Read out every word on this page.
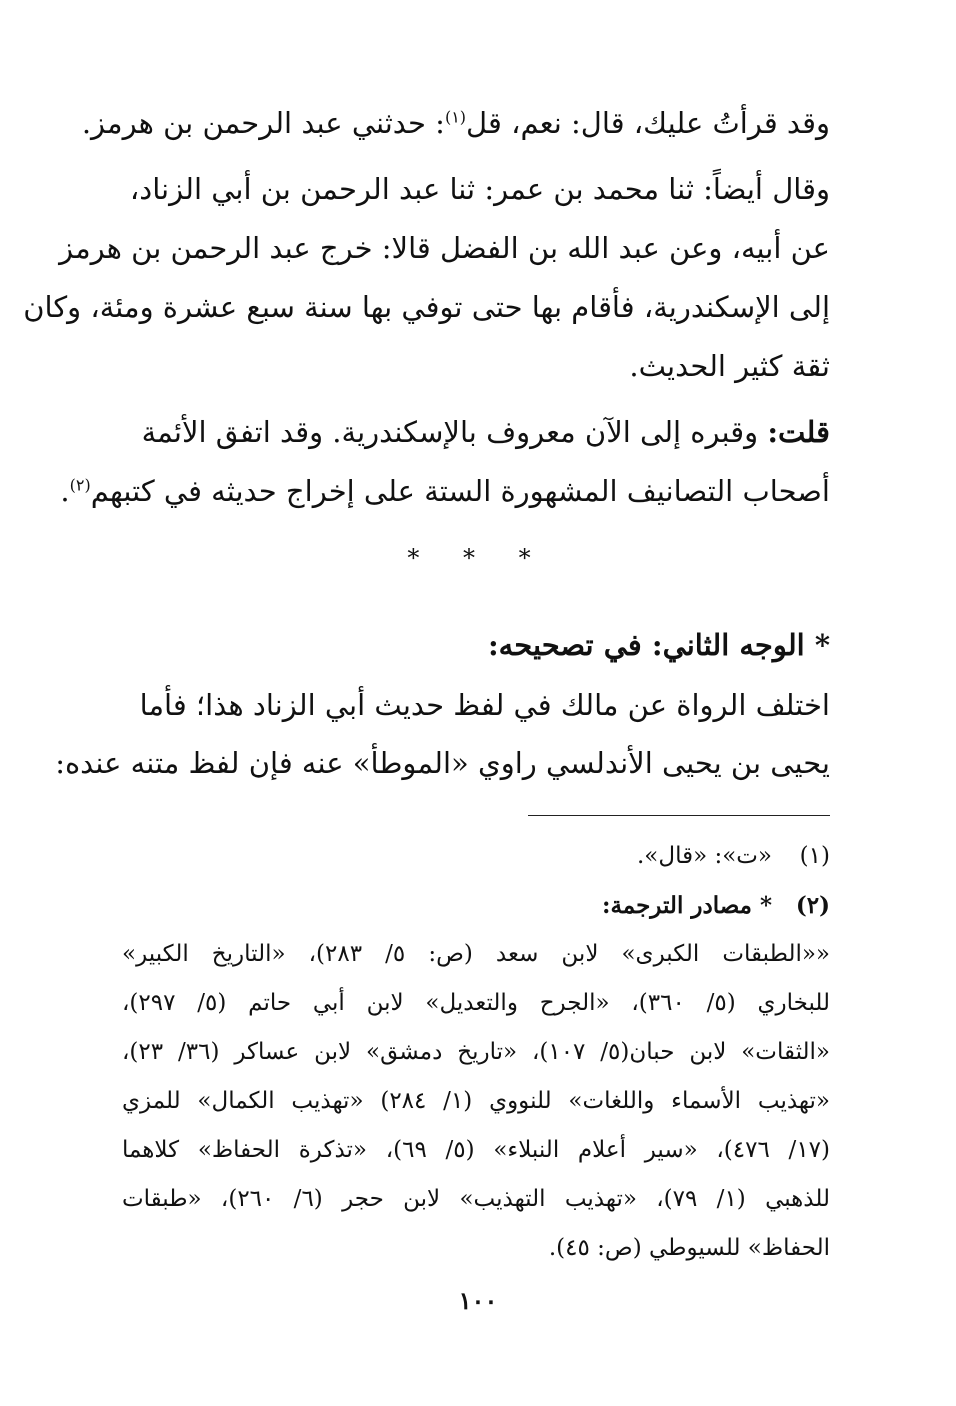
وقد قرأتُ عليك، قال: نعم، قل$^{(١)}$: حدثني عبد الرحمن بن هرمز.
وقال أيضاً: ثنا محمد بن عمر: ثنا عبد الرحمن بن أبي الزناد،
عن أبيه، وعن عبد الله بن الفضل قالا: خرج عبد الرحمن بن هرمز
إلى الإسكندرية، فأقام بها حتى توفي بها سنة سبع عشرة ومئة، وكان
ثقة كثير الحديث.
قلت: وقبره إلى الآن معروف بالإسكندرية. وقد اتفق الأئمة
أصحاب التصانيف المشهورة الستة على إخراج حديثه في كتبهم$^{(٢)}$.
* * *
* الوجه الثاني: في تصحيحه:
اختلف الرواة عن مالك في لفظ حديث أبي الزناد هذا؛ فأما
يحيى بن يحيى الأندلسي راوي «الموطأ» عنه فإن لفظ متنه عنده:
(١)«ت»: «قال».
(٢)* مصادر الترجمة:
««الطبقات الكبرى» لابن سعد (ص: ٥/ ٢٨٣)، «التاريخ الكبير»
للبخاري (٥/ ٣٦٠)، «الجرح والتعديل» لابن أبي حاتم (٥/ ٢٩٧)،
«الثقات» لابن حبان(٥/ ١٠٧)، «تاريخ دمشق» لابن عساكر (٣٦/ ٢٣)،
«تهذيب الأسماء واللغات» للنووي (١/ ٢٨٤) «تهذيب الكمال» للمزي
(١٧/ ٤٧٦)، «سير أعلام النبلاء» (٥/ ٦٩)، «تذكرة الحفاظ» كلاهما
للذهبي (١/ ٧٩)، «تهذيب التهذيب» لابن حجر (٦/ ٢٦٠)، «طبقات
الحفاظ» للسيوطي (ص: ٤٥).
١٠٠
